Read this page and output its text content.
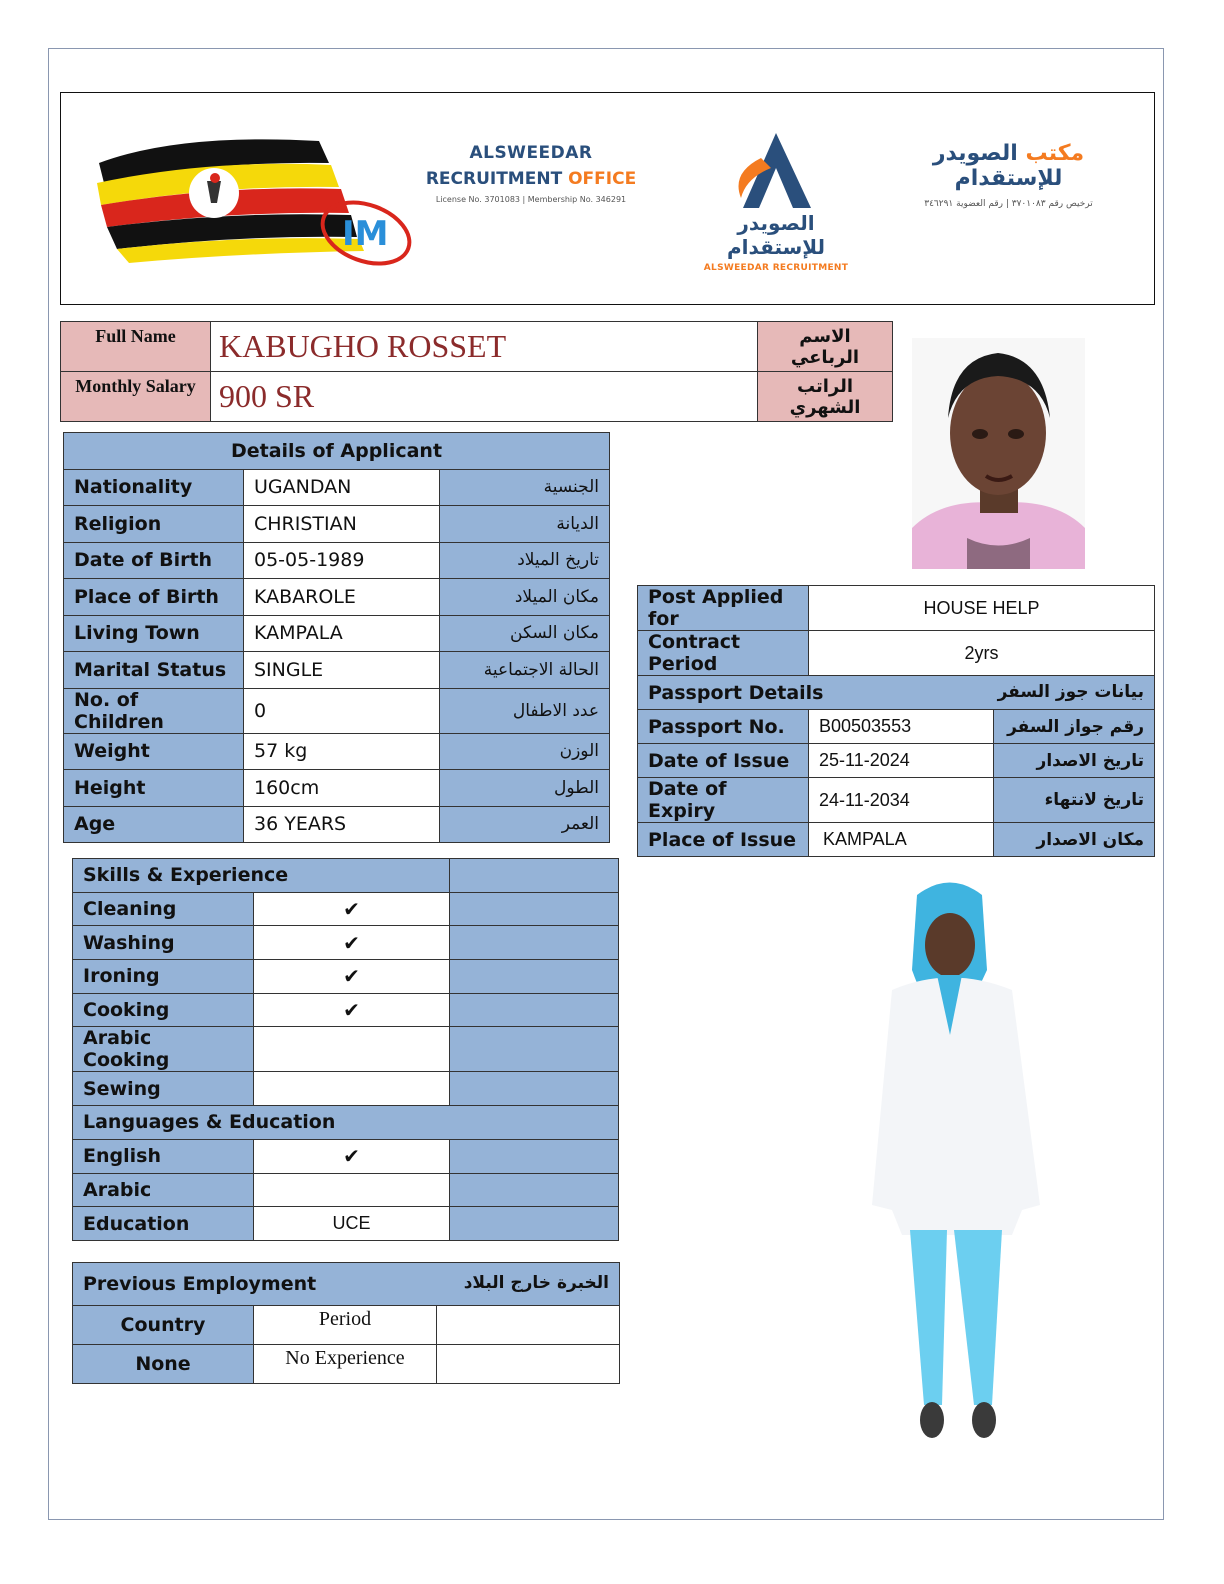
IM
ALSWEEDAR
RECRUITMENT OFFICE
License No. 3701083 | Membership No. 346291
الصويدر للإستقدام
ALSWEEDAR RECRUITMENT
مكتب الصويدر للإستقدام
ترخيص رقم ٣٧٠١٠٨٣ | رقم العضوية ٣٤٦٢٩١
Full Name	KABUGHO ROSSET	الاسم الرباعي
Monthly Salary	900 SR	الراتب الشهري
Details of Applicant		
Nationality	UGANDAN	الجنسية
Religion	CHRISTIAN	الديانة
Date of Birth	05-05-1989	تاريخ الميلاد
Place of Birth	KABAROLE	مكان الميلاد
Living Town	KAMPALA	مكان السكن
Marital Status	SINGLE	الحالة الاجتماعية
No. of Children	0	عدد الاطفال
Weight	57 kg	الوزن
Height	160cm	الطول
Age	36 YEARS	العمر
Post Applied for	HOUSE HELP	
Contract Period	2yrs	
Passport Details بيانات جوز السفر		

Passport No.	B00503553	رقم جواز السفر
Date of Issue	25-11-2024	تاريخ الاصدار
Date of Expiry	24-11-2034	تاريخ لانتهاء
Place of Issue	KAMPALA	مكان الاصدار
Skills & Experience		
Cleaning	✔	
Washing	✔	
Ironing	✔	
Cooking	✔	
Arabic Cooking		
Sewing		
Languages & Education		
English	✔	
Arabic		
Education	UCE	
Previous Employment الخبرة خارج البلاد		

Country	Period	
None	No Experience	
